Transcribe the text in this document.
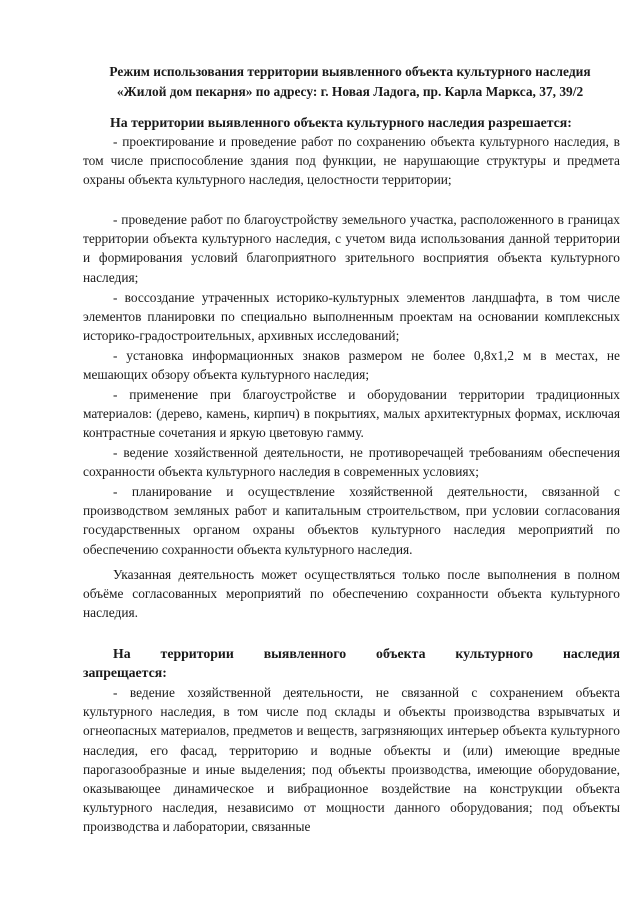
Режим использования территории выявленного объекта культурного наследия
«Жилой дом пекарня» по адресу: г. Новая Ладога, пр. Карла Маркса, 37, 39/2
На территории выявленного объекта культурного наследия разрешается:

- проектирование и проведение работ по сохранению объекта культурного наследия, в том числе приспособление здания под функции, не нарушающие структуры и предмета охраны объекта культурного наследия, целостности территории;

- проведение работ по благоустройству земельного участка, расположенного в границах территории объекта культурного наследия, с учетом вида использования данной территории и формирования условий благоприятного зрительного восприятия объекта культурного наследия;

- воссоздание утраченных историко-культурных элементов ландшафта, в том числе элементов планировки по специально выполненным проектам на основании комплексных историко-градостроительных, архивных исследований;

- установка информационных знаков размером не более 0,8х1,2 м в местах, не мешающих обзору объекта культурного наследия;

- применение при благоустройстве и оборудовании территории традиционных материалов: (дерево, камень, кирпич) в покрытиях, малых архитектурных формах, исключая контрастные сочетания и яркую цветовую гамму.

- ведение хозяйственной деятельности, не противоречащей требованиям обеспечения сохранности объекта культурного наследия в современных условиях;

- планирование и осуществление хозяйственной деятельности, связанной с производством земляных работ и капитальным строительством, при условии согласования государственных органом охраны объектов культурного наследия мероприятий по обеспечению сохранности объекта культурного наследия.

Указанная деятельность может осуществляться только после выполнения в полном объёме согласованных мероприятий по обеспечению сохранности объекта культурного наследия.

На территории выявленного объекта культурного наследия
запрещается:

- ведение хозяйственной деятельности, не связанной с сохранением объекта культурного наследия, в том числе под склады и объекты производства взрывчатых и огнеопасных материалов, предметов и веществ, загрязняющих интерьер объекта культурного наследия, его фасад, территорию и водные объекты и (или) имеющие вредные парогазообразные и иные выделения; под объекты производства, имеющие оборудование, оказывающее динамическое и вибрационное воздействие на конструкции объекта культурного наследия, независимо от мощности данного оборудования; под объекты производства и лаборатории, связанные
